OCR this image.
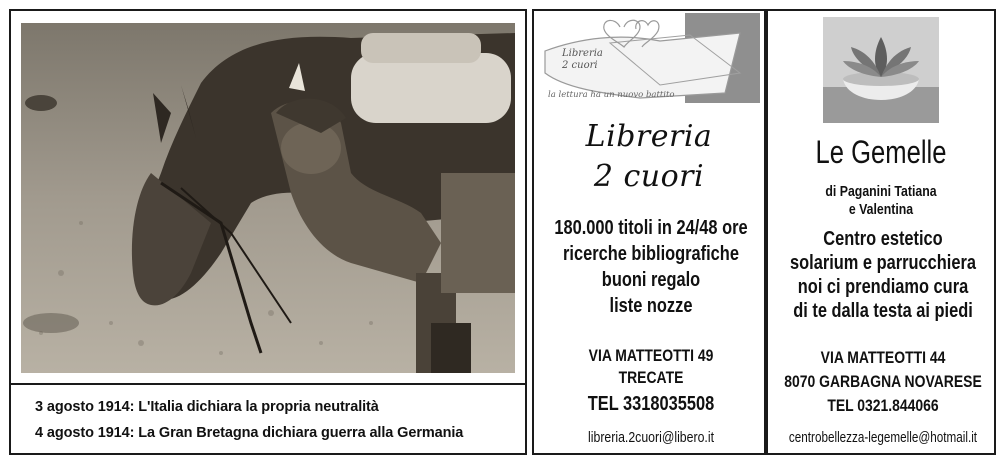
3 agosto 1914: L'Italia dichiara la propria neutralità
4 agosto 1914: La Gran Bretagna dichiara guerra alla Germania
Libreria
2 cuori
la lettura ha un nuovo battito
Libreria
2 cuori
180.000 titoli in 24/48 ore
ricerche bibliografiche
buoni regalo
liste nozze
VIA MATTEOTTI 49
TRECATE
TEL 3318035508
libreria.2cuori@libero.it
Le Gemelle
di Paganini Tatiana
e Valentina
Centro estetico
solarium e parrucchiera
noi ci prendiamo cura
di te dalla testa ai piedi
VIA MATTEOTTI 44
8070 GARBAGNA NOVARESE
TEL 0321.844066
centrobellezza-legemelle@hotmail.it
